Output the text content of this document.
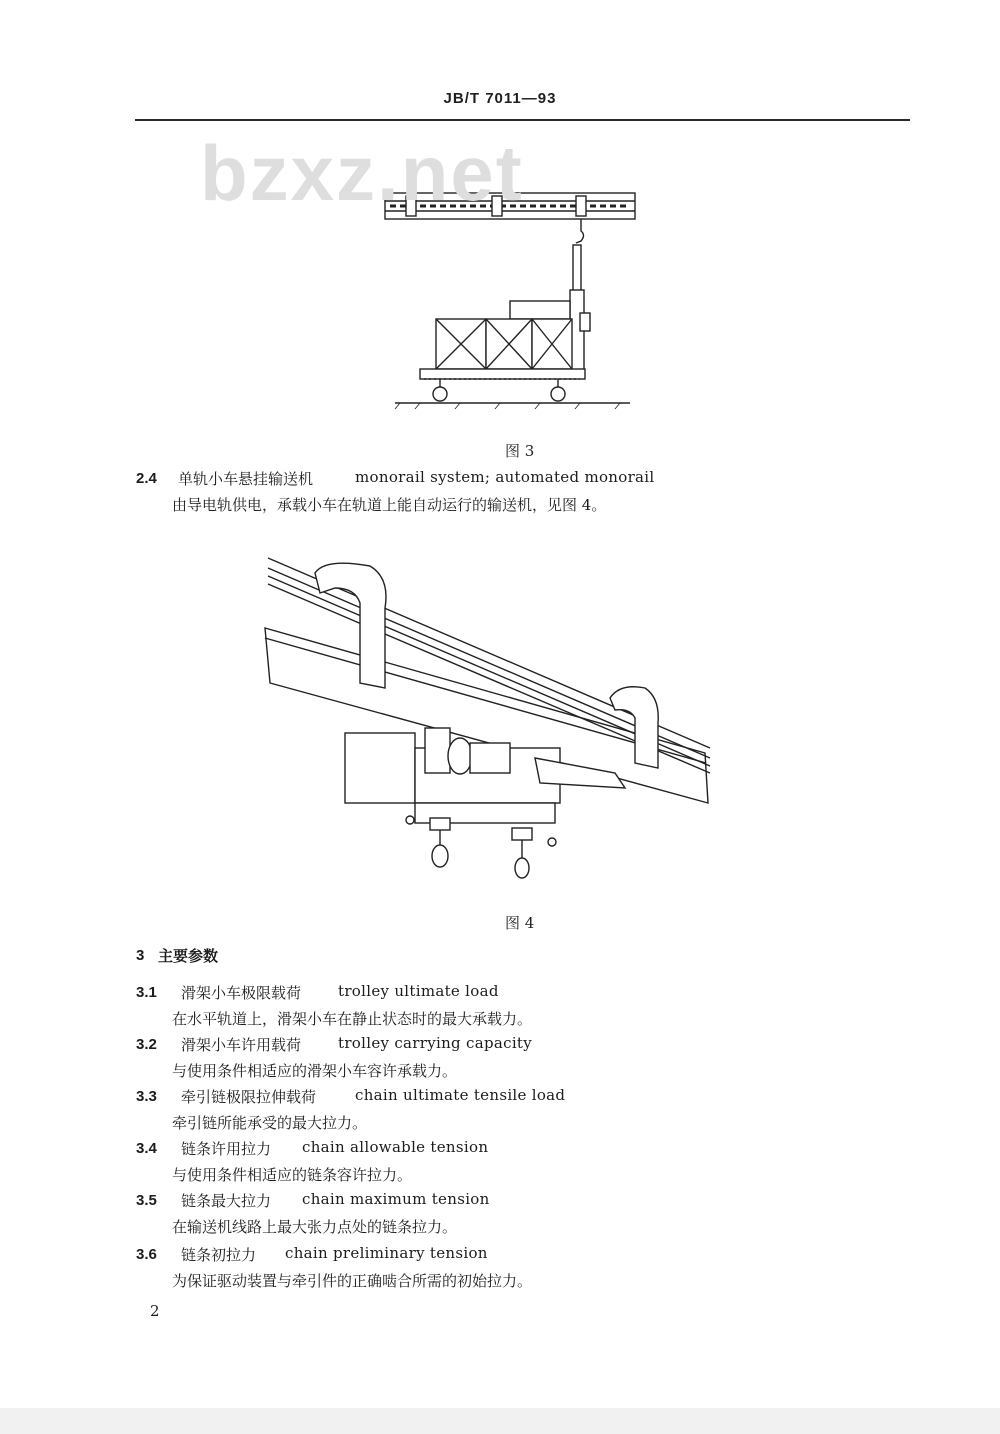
JB/T 7011—93
bzxz.net
图 3
2.4 单轨小车悬挂输送机	monorail system; automated monorail
由导电轨供电，承载小车在轨道上能自动运行的输送机，见图 4。
图 4
3 主要参数
3.1 滑架小车极限载荷 trolley ultimate load
在水平轨道上，滑架小车在静止状态时的最大承载力。
3.2 滑架小车许用载荷 trolley carrying capacity
与使用条件相适应的滑架小车容许承载力。
3.3 牵引链极限拉伸载荷	chain ultimate tensile load
牵引链所能承受的最大拉力。
3.4 链条许用拉力 chain allowable tension
与使用条件相适应的链条容许拉力。
3.5 链条最大拉力 chain maximum tension
在输送机线路上最大张力点处的链条拉力。
3.6 链条初拉力 chain preliminary tension
为保证驱动装置与牵引件的正确啮合所需的初始拉力。
2
